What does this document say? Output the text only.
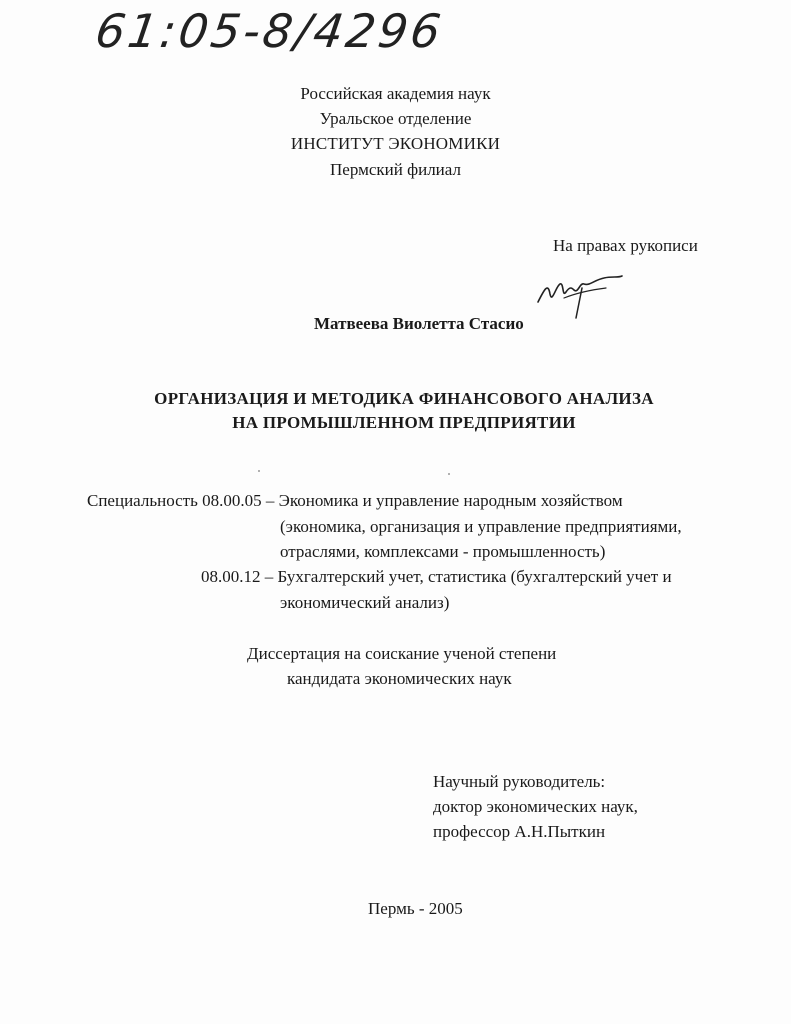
61:05-8/4296
Российская академия наук
Уральское отделение
ИНСТИТУТ ЭКОНОМИКИ
Пермский филиал
На правах рукописи
Матвеева Виолетта Стасио
ОРГАНИЗАЦИЯ И МЕТОДИКА ФИНАНСОВОГО АНАЛИЗА
НА ПРОМЫШЛЕННОМ ПРЕДПРИЯТИИ
Специальность 08.00.05 – Экономика и управление народным хозяйством
(экономика, организация и управление предприятиями,
отраслями, комплексами - промышленность)
08.00.12 – Бухгалтерский учет, статистика (бухгалтерский учет и
экономический анализ)
Диссертация на соискание ученой степени
кандидата экономических наук
Научный руководитель:
доктор экономических наук,
профессор А.Н.Пыткин
Пермь - 2005
